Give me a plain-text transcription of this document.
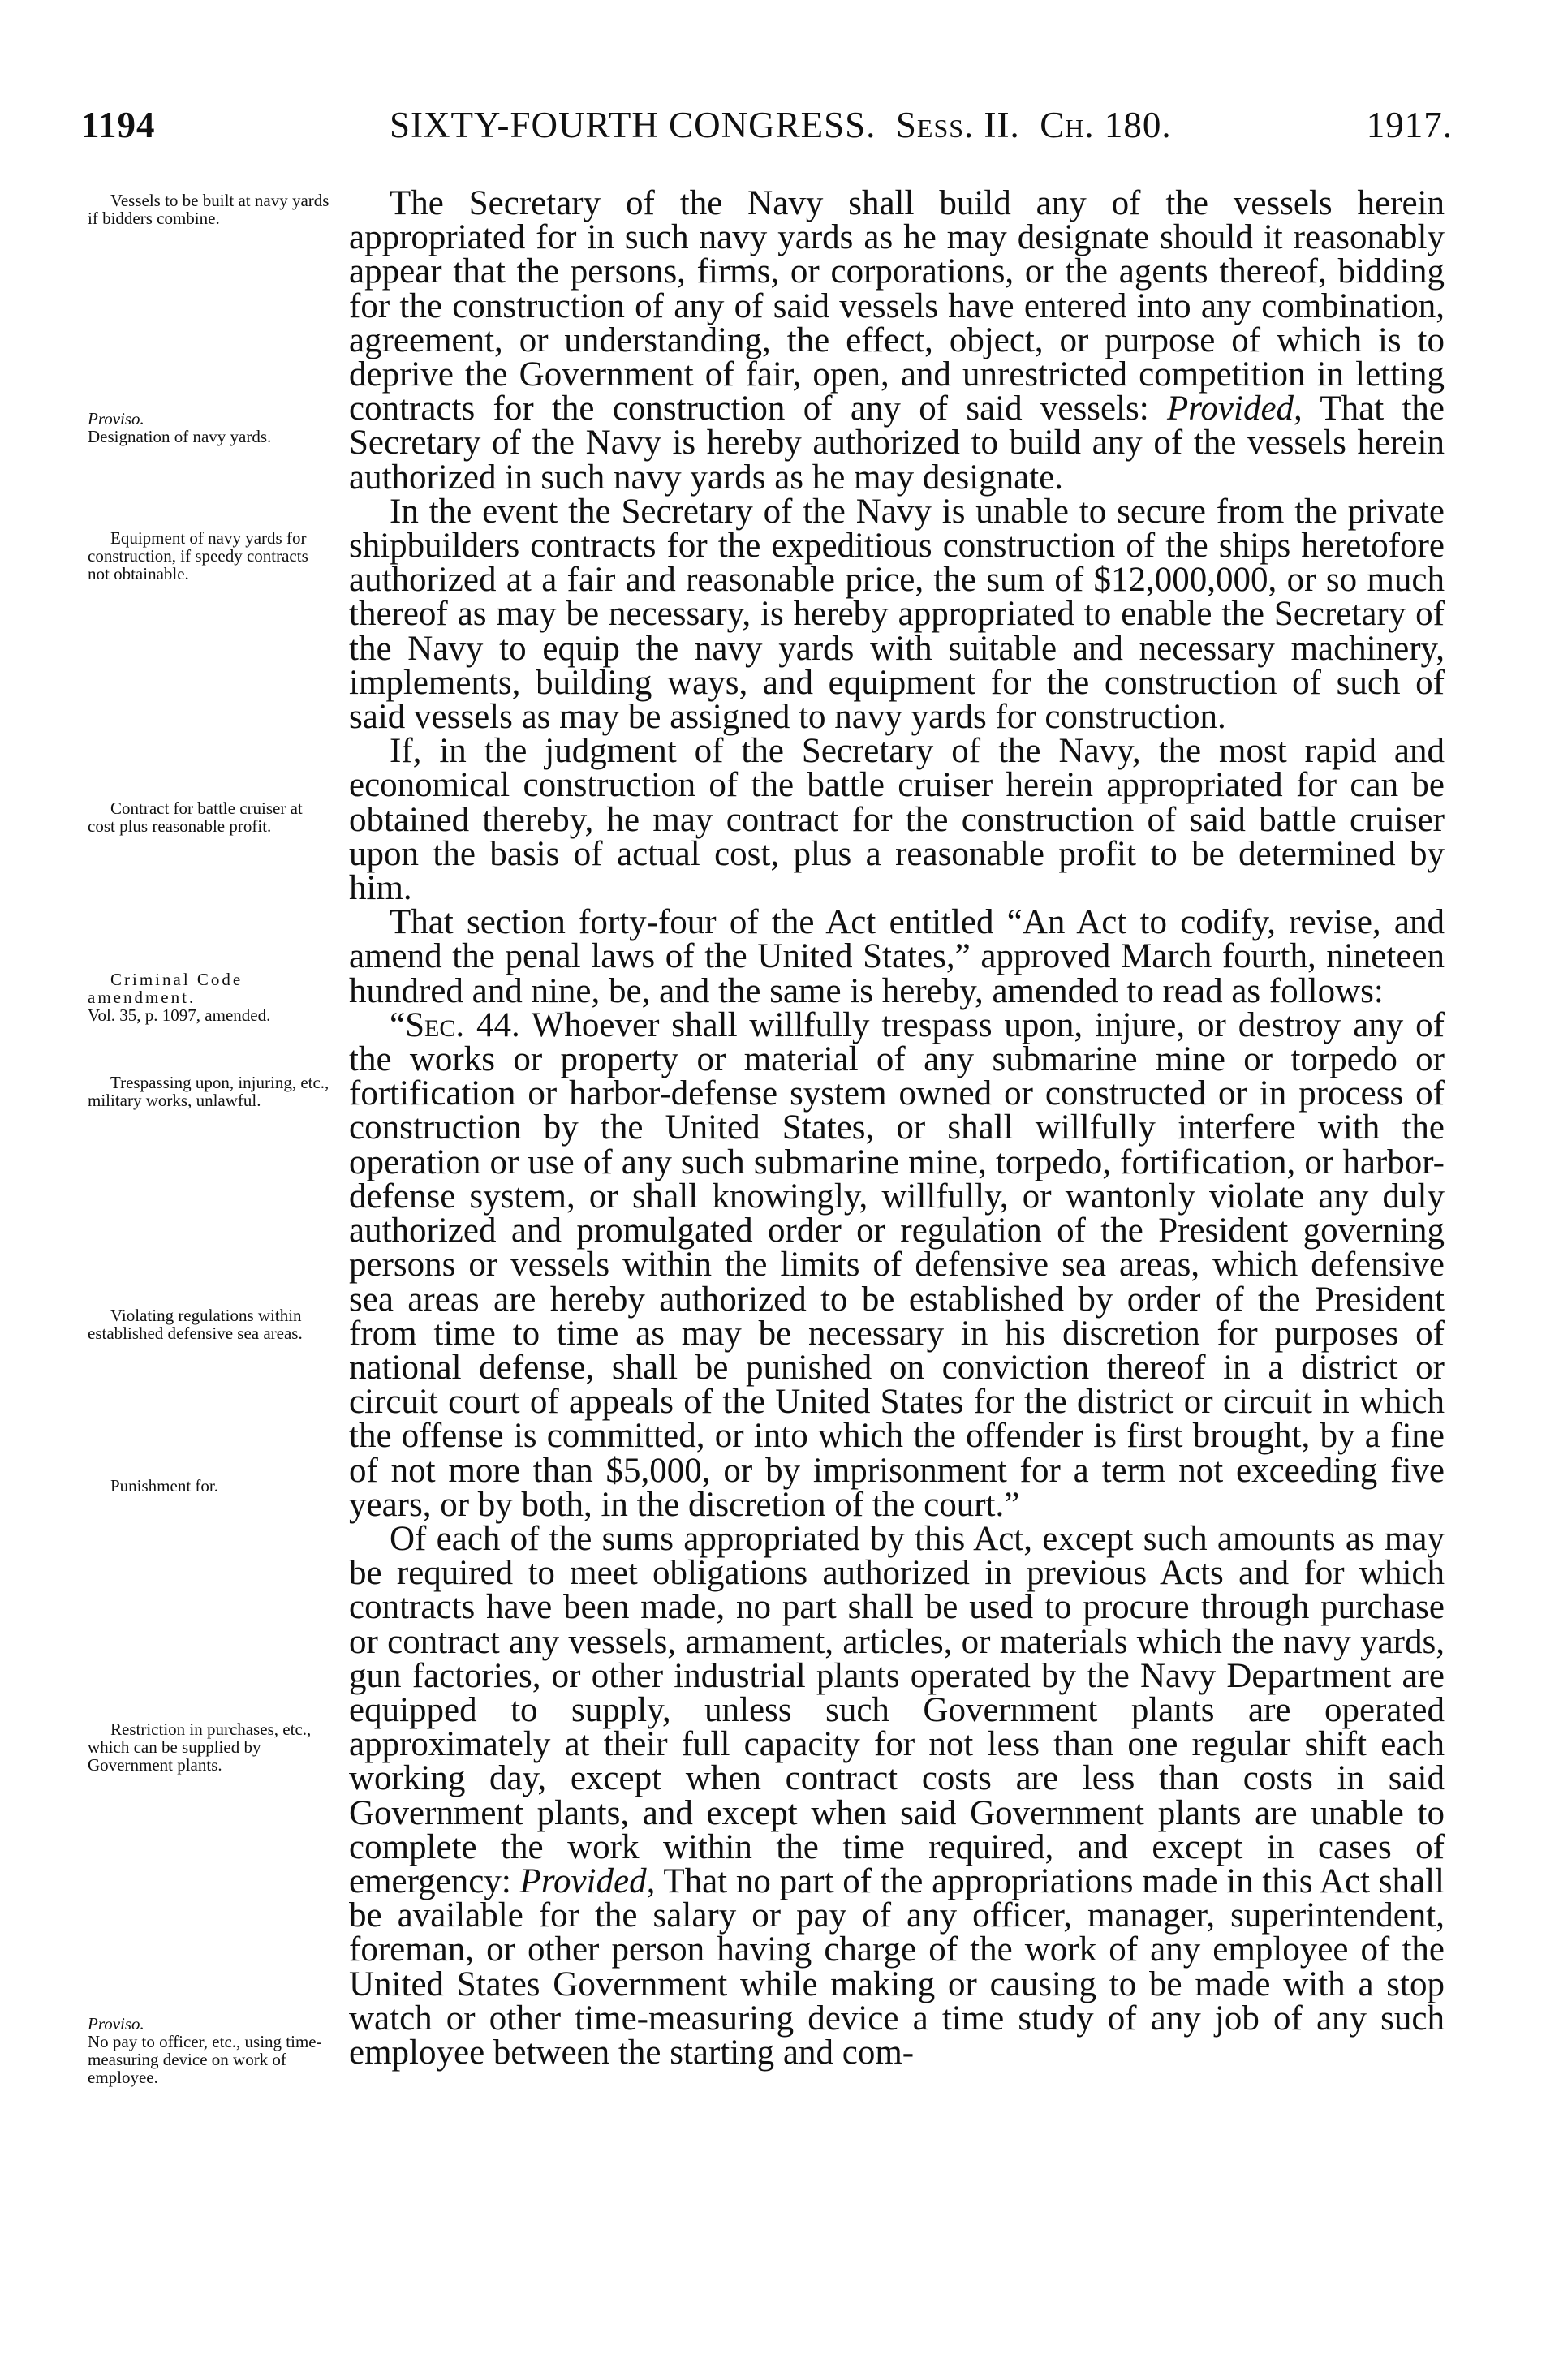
1194	SIXTY-FOURTH CONGRESS. Sess. II. Ch. 180.	1917.
Vessels to be built at navy yards if bidders combine.
Proviso.
Designation of navy yards.
Equipment of navy yards for construction, if speedy contracts not obtainable.
Contract for battle cruiser at cost plus reasonable profit.
Criminal Code amendment.
Vol. 35, p. 1097, amended.
Trespassing upon, injuring, etc., military works, unlawful.
Violating regulations within established defensive sea areas.
Punishment for.
Restriction in purchases, etc., which can be supplied by Government plants.
Proviso.
No pay to officer, etc., using time-measuring device on work of employee.

The Secretary of the Navy shall build any of the vessels herein appropriated for in such navy yards as he may designate should it reasonably appear that the persons, firms, or corporations, or the agents thereof, bidding for the construction of any of said vessels have entered into any combination, agreement, or understanding, the effect, object, or purpose of which is to deprive the Government of fair, open, and unrestricted competition in letting contracts for the construction of any of said vessels: Provided, That the Secretary of the Navy is hereby authorized to build any of the vessels herein authorized in such navy yards as he may designate.

In the event the Secretary of the Navy is unable to secure from the private shipbuilders contracts for the expeditious construction of the ships heretofore authorized at a fair and reasonable price, the sum of $12,000,000, or so much thereof as may be necessary, is hereby appropriated to enable the Secretary of the Navy to equip the navy yards with suitable and necessary machinery, implements, building ways, and equipment for the construction of such of said vessels as may be assigned to navy yards for construction.

If, in the judgment of the Secretary of the Navy, the most rapid and economical construction of the battle cruiser herein appropriated for can be obtained thereby, he may contract for the construction of said battle cruiser upon the basis of actual cost, plus a reasonable profit to be determined by him.

That section forty-four of the Act entitled “An Act to codify, revise, and amend the penal laws of the United States,” approved March fourth, nineteen hundred and nine, be, and the same is hereby, amended to read as follows:

“Sec. 44. Whoever shall willfully trespass upon, injure, or destroy any of the works or property or material of any submarine mine or torpedo or fortification or harbor-defense system owned or constructed or in process of construction by the United States, or shall willfully interfere with the operation or use of any such submarine mine, torpedo, fortification, or harbor-defense system, or shall knowingly, willfully, or wantonly violate any duly authorized and promulgated order or regulation of the President governing persons or vessels within the limits of defensive sea areas, which defensive sea areas are hereby authorized to be established by order of the President from time to time as may be necessary in his discretion for purposes of national defense, shall be punished on conviction thereof in a district or circuit court of appeals of the United States for the district or circuit in which the offense is committed, or into which the offender is first brought, by a fine of not more than $5,000, or by imprisonment for a term not exceeding five years, or by both, in the discretion of the court.”

Of each of the sums appropriated by this Act, except such amounts as may be required to meet obligations authorized in previous Acts and for which contracts have been made, no part shall be used to procure through purchase or contract any vessels, armament, articles, or materials which the navy yards, gun factories, or other industrial plants operated by the Navy Department are equipped to supply, unless such Government plants are operated approximately at their full capacity for not less than one regular shift each working day, except when contract costs are less than costs in said Government plants, and except when said Government plants are unable to complete the work within the time required, and except in cases of emergency: Provided, That no part of the appropriations made in this Act shall be available for the salary or pay of any officer, manager, superintendent, foreman, or other person having charge of the work of any employee of the United States Government while making or causing to be made with a stop watch or other time-measuring device a time study of any job of any such employee between the starting and com-
